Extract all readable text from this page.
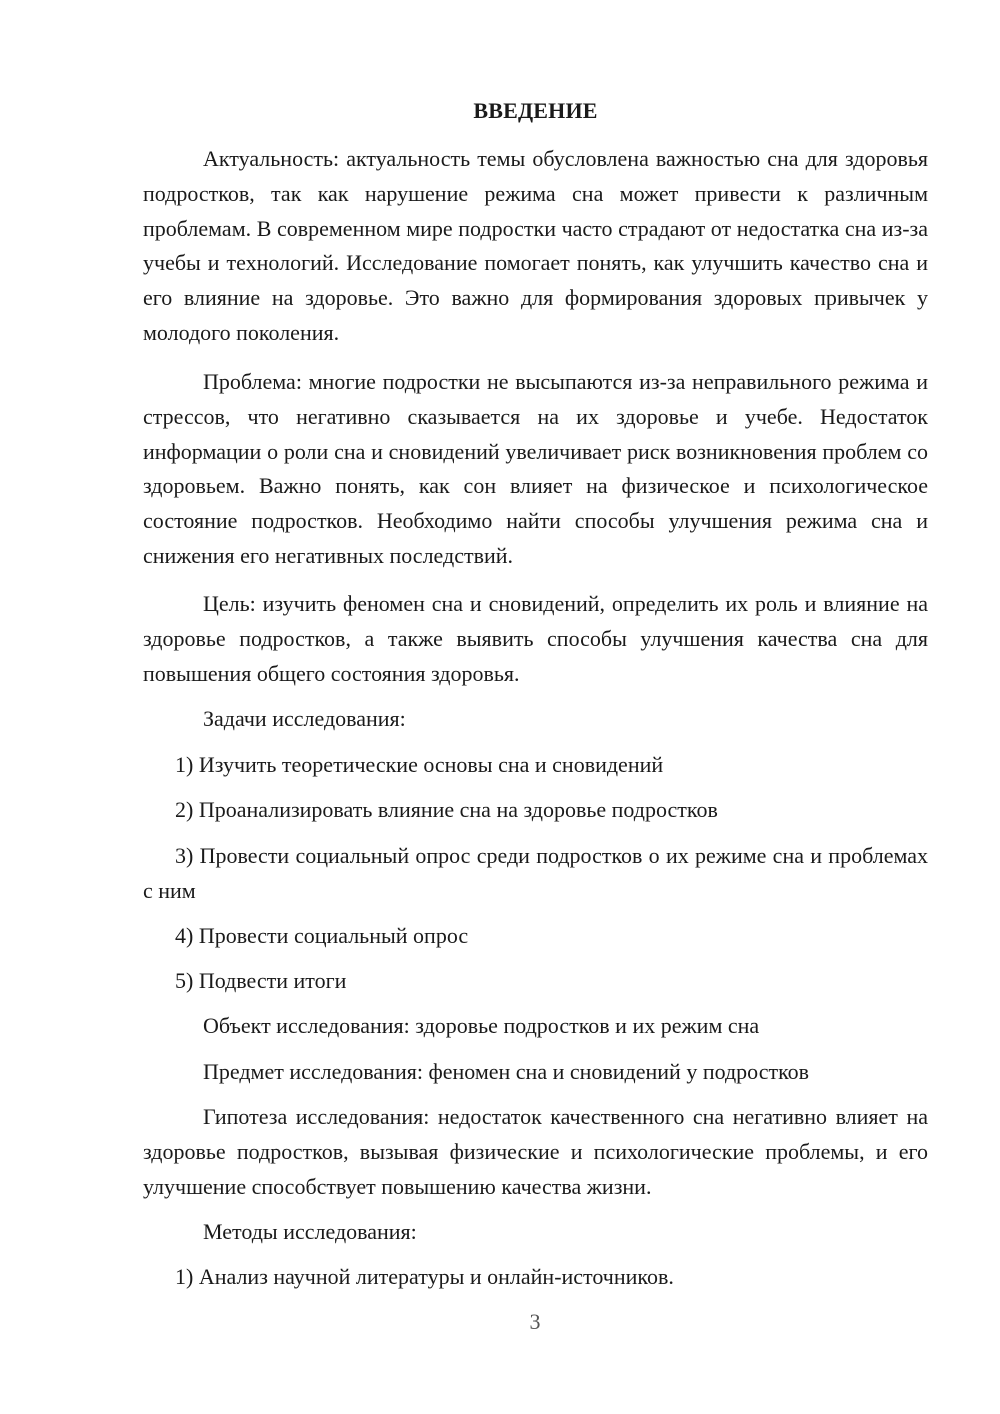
ВВЕДЕНИЕ

Актуальность: актуальность темы обусловлена важностью сна для здоровья подростков, так как нарушение режима сна может привести к различным проблемам. В современном мире подростки часто страдают от недостатка сна из-за учебы и технологий. Исследование помогает понять, как улучшить качество сна и его влияние на здоровье. Это важно для формирования здоровых привычек у молодого поколения.

Проблема: многие подростки не высыпаются из-за неправильного режима и стрессов, что негативно сказывается на их здоровье и учебе. Недостаток информации о роли сна и сновидений увеличивает риск возникновения проблем со здоровьем. Важно понять, как сон влияет на физическое и психологическое состояние подростков. Необходимо найти способы улучшения режима сна и снижения его негативных последствий.

Цель: изучить феномен сна и сновидений, определить их роль и влияние на здоровье подростков, а также выявить способы улучшения качества сна для повышения общего состояния здоровья.

Задачи исследования:

1) Изучить теоретические основы сна и сновидений

2) Проанализировать влияние сна на здоровье подростков

3) Провести социальный опрос среди подростков о их режиме сна и проблемах с ним

4) Провести социальный опрос

5) Подвести итоги

Объект исследования: здоровье подростков и их режим сна

Предмет исследования: феномен сна и сновидений у подростков

Гипотеза исследования: недостаток качественного сна негативно влияет на здоровье подростков, вызывая физические и психологические проблемы, и его улучшение способствует повышению качества жизни.

Методы исследования:

1) Анализ научной литературы и онлайн-источников.

3
